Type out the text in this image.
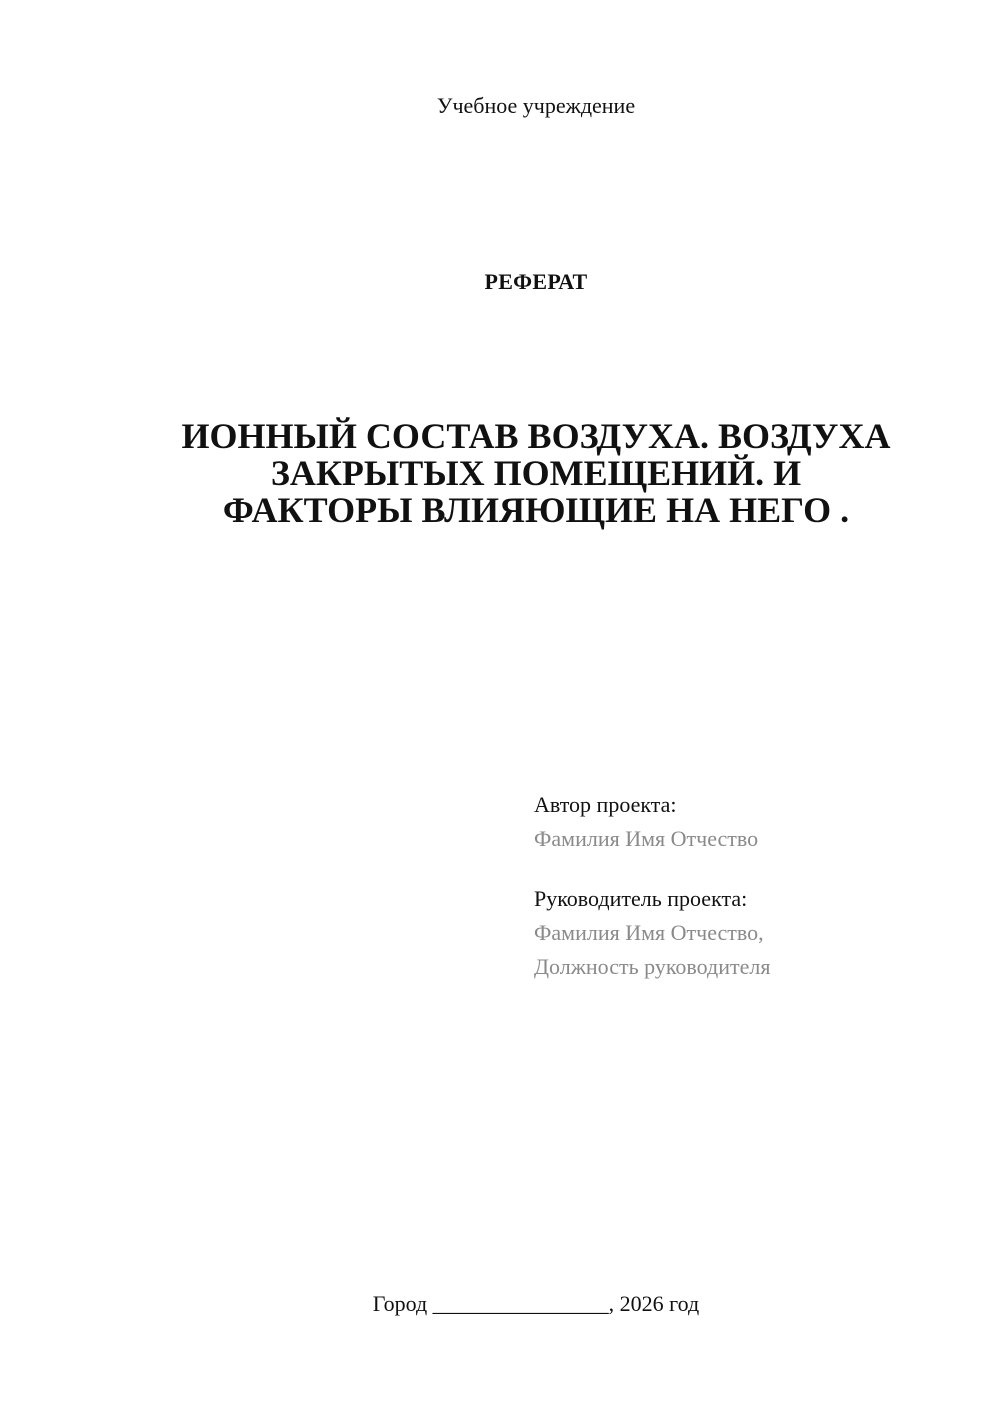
Учебное учреждение
РЕФЕРАТ
ИОННЫЙ СОСТАВ ВОЗДУХА. ВОЗДУХА
ЗАКРЫТЫХ ПОМЕЩЕНИЙ. И
ФАКТОРЫ ВЛИЯЮЩИЕ НА НЕГО .
Автор проекта:
Фамилия Имя Отчество
Руководитель проекта:
Фамилия Имя Отчество,
Должность руководителя
Город ________________, 2026 год
